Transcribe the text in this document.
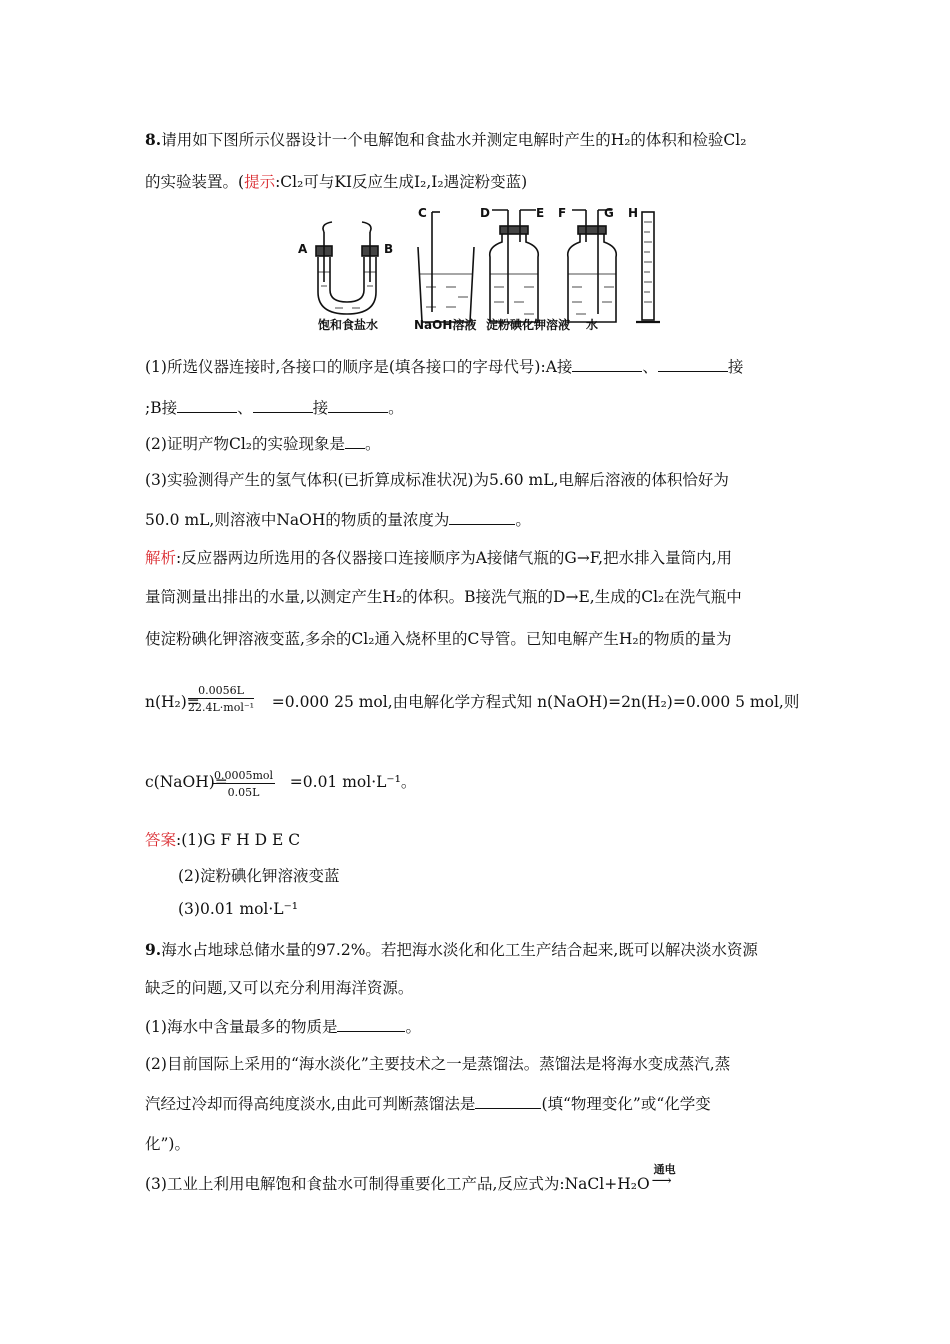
8.请用如下图所示仪器设计一个电解饱和食盐水并测定电解时产生的H₂的体积和检验Cl₂
的实验装置。(提示:Cl₂可与KI反应生成I₂,I₂遇淀粉变蓝)
A	B
C	D	E F	G H
饱和食盐水	NaOH溶液 淀粉碘化钾溶液 水
(1)所选仪器连接时,各接口的顺序是(填各接口的字母代号):A接	、	接
;B接	、	接	。
(2)证明产物Cl₂的实验现象是 。
(3)实验测得产生的氢气体积(已折算成标准状况)为5.60 mL,电解后溶液的体积恰好为
50.0 mL,则溶液中NaOH的物质的量浓度为	。
解析:反应器两边所选用的各仪器接口连接顺序为A接储气瓶的G→F,把水排入量筒内,用
量筒测量出排出的水量,以测定产生H₂的体积。B接洗气瓶的D→E,生成的Cl₂在洗气瓶中
使淀粉碘化钾溶液变蓝,多余的Cl₂通入烧杯里的C导管。已知电解产生H₂的物质的量为
n(H₂)=	=0.000 25 mol,由电解化学方程式知 n(NaOH)=2n(H₂)=0.000 5 mol,则
0.0056L
22.4L·mol⁻¹
c(NaOH)=	=0.01 mol·L⁻¹。
0.0005mol
0.05L
答案:(1)G F H D E C
(2)淀粉碘化钾溶液变蓝
(3)0.01 mol·L⁻¹
9.海水占地球总储水量的97.2%。若把海水淡化和化工生产结合起来,既可以解决淡水资源
缺乏的问题,又可以充分利用海洋资源。
(1)海水中含量最多的物质是	。
(2)目前国际上采用的“海水淡化”主要技术之一是蒸馏法。蒸馏法是将海水变成蒸汽,蒸
汽经过冷却而得高纯度淡水,由此可判断蒸馏法是	(填“物理变化”或“化学变
化”)。
(3)工业上利用电解饱和食盐水可制得重要化工产品,反应式为:NaCl+H₂O
通电
⟶
